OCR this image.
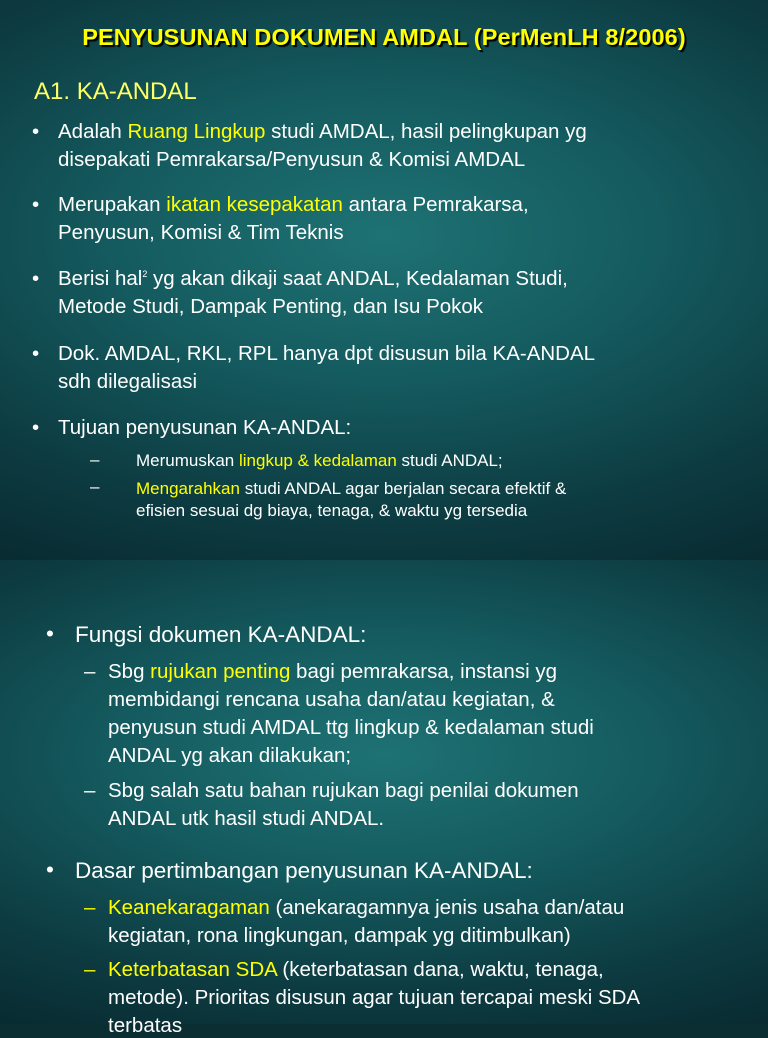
PENYUSUNAN DOKUMEN AMDAL (PerMenLH 8/2006)
A1. KA-ANDAL
• Adalah Ruang Lingkup studi AMDAL, hasil pelingkupan yg
disepakati Pemrakarsa/Penyusun & Komisi AMDAL
• Merupakan ikatan kesepakatan antara Pemrakarsa,
Penyusun, Komisi & Tim Teknis
• Berisi hal$^2$ yg akan dikaji saat ANDAL, Kedalaman Studi,
Metode Studi, Dampak Penting, dan Isu Pokok
• Dok. AMDAL, RKL, RPL hanya dpt disusun bila KA-ANDAL
sdh dilegalisasi
• Tujuan penyusunan KA-ANDAL:
– Merumuskan lingkup & kedalaman studi ANDAL;
– Mengarahkan studi ANDAL agar berjalan secara efektif &
efisien sesuai dg biaya, tenaga, & waktu yg tersedia
• Fungsi dokumen KA-ANDAL:
– Sbg rujukan penting bagi pemrakarsa, instansi yg
membidangi rencana usaha dan/atau kegiatan, &
penyusun studi AMDAL ttg lingkup & kedalaman studi
ANDAL yg akan dilakukan;
– Sbg salah satu bahan rujukan bagi penilai dokumen
ANDAL utk hasil studi ANDAL.
• Dasar pertimbangan penyusunan KA-ANDAL:
– Keanekaragaman (anekaragamnya jenis usaha dan/atau
kegiatan, rona lingkungan, dampak yg ditimbulkan)
– Keterbatasan SDA (keterbatasan dana, waktu, tenaga,
metode). Prioritas disusun agar tujuan tercapai meski SDA
terbatas
